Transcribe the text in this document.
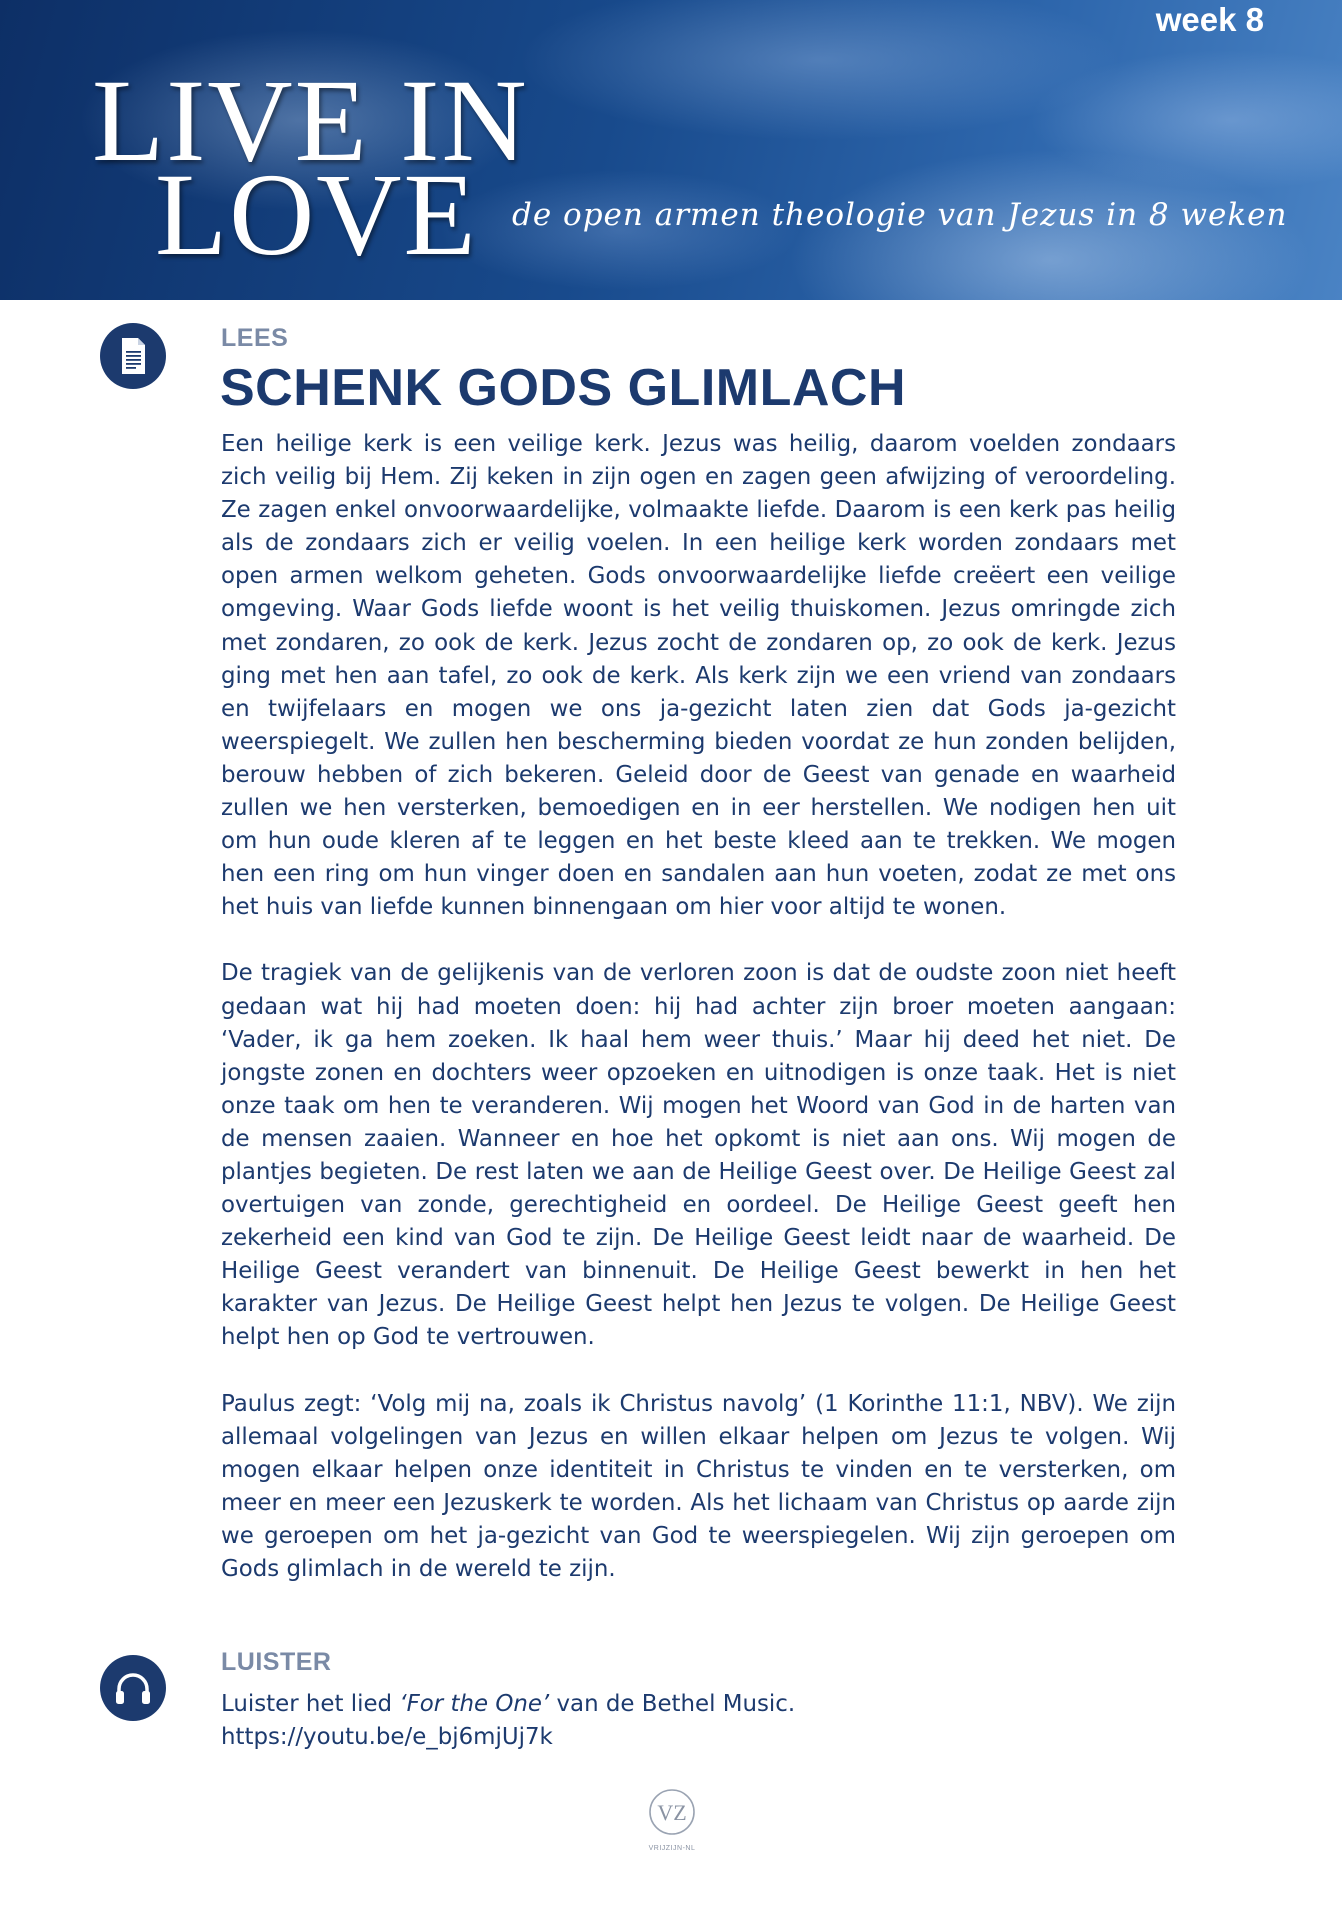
week 8
LIVE IN
LOVE de open armen theologie van Jezus in 8 weken
LEES
SCHENK GODS GLIMLACH

Een heilige kerk is een veilige kerk. Jezus was heilig, daarom voelden zondaars zich veilig bij Hem. Zij keken in zijn ogen en zagen geen afwijzing of veroordeling. Ze zagen enkel onvoorwaardelijke, volmaakte liefde. Daarom is een kerk pas heilig als de zondaars zich er veilig voelen. In een heilige kerk worden zondaars met open armen welkom geheten. Gods onvoorwaardelijke liefde creëert een veilige omgeving. Waar Gods liefde woont is het veilig thuiskomen. Jezus omringde zich met zondaren, zo ook de kerk. Jezus zocht de zondaren op, zo ook de kerk. Jezus ging met hen aan tafel, zo ook de kerk. Als kerk zijn we een vriend van zondaars en twijfelaars en mogen we ons ja-gezicht laten zien dat Gods ja-gezicht weerspiegelt. We zullen hen bescherming bieden voordat ze hun zonden belijden, berouw hebben of zich bekeren. Geleid door de Geest van genade en waarheid zullen we hen versterken, bemoedigen en in eer herstellen. We nodigen hen uit om hun oude kleren af te leggen en het beste kleed aan te trekken. We mogen hen een ring om hun vinger doen en sandalen aan hun voeten, zodat ze met ons het huis van liefde kunnen binnengaan om hier voor altijd te wonen.

De tragiek van de gelijkenis van de verloren zoon is dat de oudste zoon niet heeft gedaan wat hij had moeten doen: hij had achter zijn broer moeten aangaan: ‘Vader, ik ga hem zoeken. Ik haal hem weer thuis.’ Maar hij deed het niet. De jongste zonen en dochters weer opzoeken en uitnodigen is onze taak. Het is niet onze taak om hen te veranderen. Wij mogen het Woord van God in de harten van de mensen zaaien. Wanneer en hoe het opkomt is niet aan ons. Wij mogen de plantjes begieten. De rest laten we aan de Heilige Geest over. De Heilige Geest zal overtuigen van zonde, gerechtigheid en oordeel. De Heilige Geest geeft hen zekerheid een kind van God te zijn. De Heilige Geest leidt naar de waarheid. De Heilige Geest verandert van binnenuit. De Heilige Geest bewerkt in hen het karakter van Jezus. De Heilige Geest helpt hen Jezus te volgen. De Heilige Geest helpt hen op God te vertrouwen.

Paulus zegt: ‘Volg mij na, zoals ik Christus navolg’ (1 Korinthe 11:1, NBV). We zijn allemaal volgelingen van Jezus en willen elkaar helpen om Jezus te volgen. Wij mogen elkaar helpen onze identiteit in Christus te vinden en te versterken, om meer en meer een Jezuskerk te worden. Als het lichaam van Christus op aarde zijn we geroepen om het ja-gezicht van God te weerspiegelen. Wij zijn geroepen om Gods glimlach in de wereld te zijn.

LUISTER
Luister het lied ‘For the One’ van de Bethel Music.
https://youtu.be/e_bj6mjUj7k
VZ
VRIJZIJN-NL
